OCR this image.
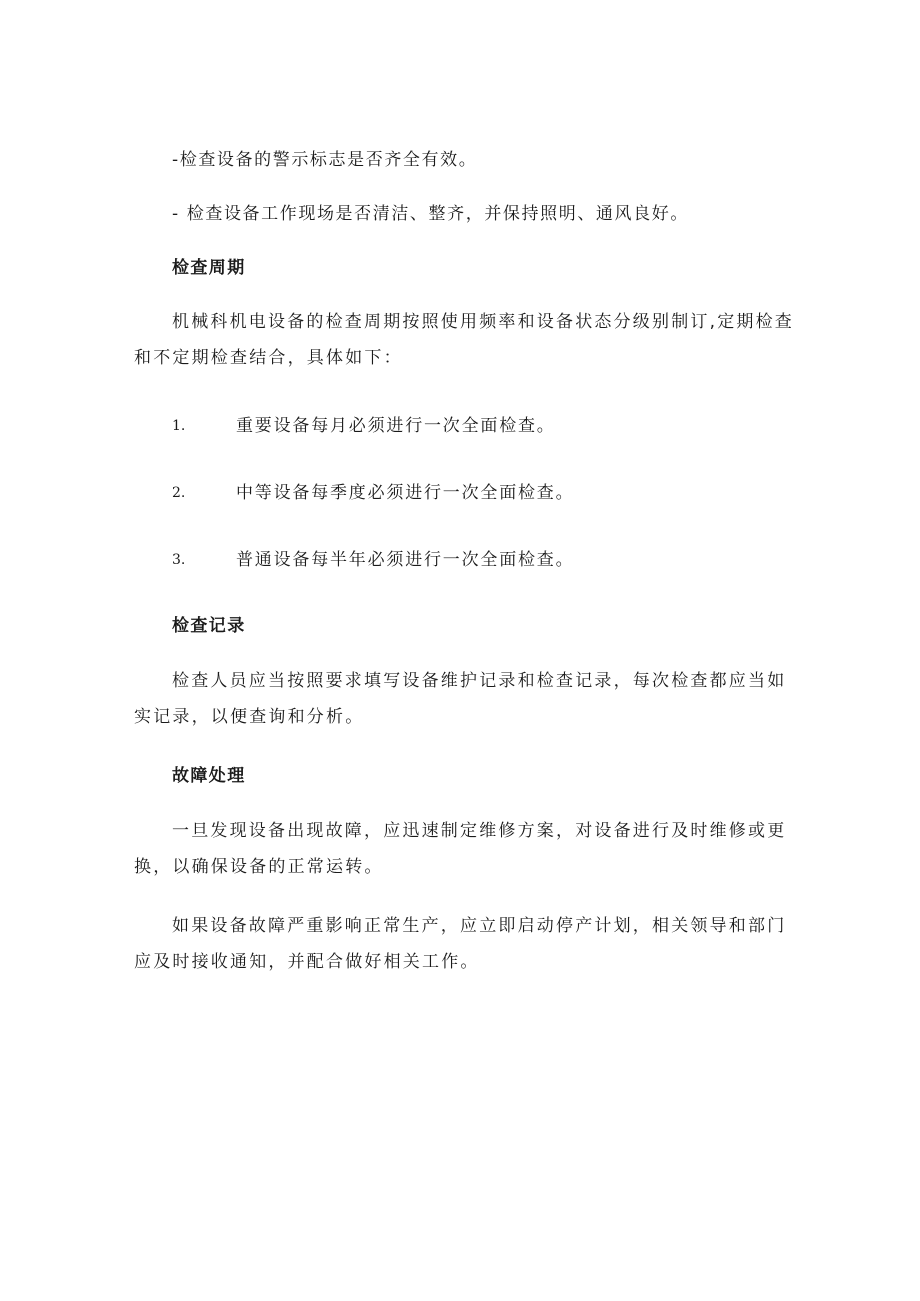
-检查设备的警示标志是否齐全有效。
- 检查设备工作现场是否清洁、整齐，并保持照明、通风良好。
检查周期
机械科机电设备的检查周期按照使用频率和设备状态分级别制订,定期检查和不定期检查结合，具体如下：
1.	重要设备每月必须进行一次全面检查。
2.	中等设备每季度必须进行一次全面检查。
3.	普通设备每半年必须进行一次全面检查。
检查记录
检查人员应当按照要求填写设备维护记录和检查记录，每次检查都应当如实记录，以便查询和分析。
故障处理
一旦发现设备出现故障，应迅速制定维修方案，对设备进行及时维修或更换，以确保设备的正常运转。
如果设备故障严重影响正常生产，应立即启动停产计划，相关领导和部门应及时接收通知，并配合做好相关工作。
